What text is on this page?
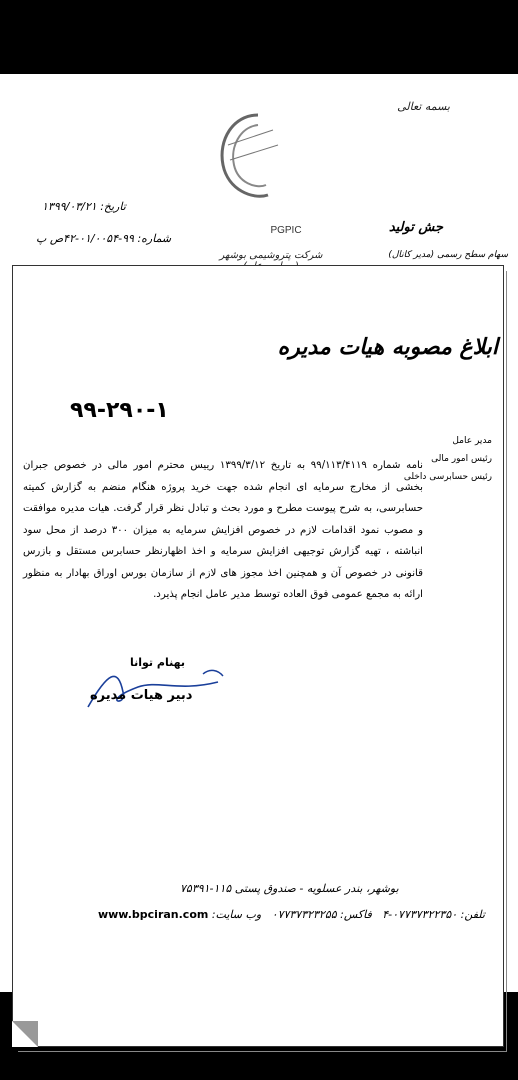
بسمه تعالی
PGPIC
شرکت پتروشیمی بوشهر
تاریخ: ۱۳۹۹/۰۳/۲۱
شماره: ۹۹-۰۱/۰۰۵۴-۴۲ص پ
جش تولید
سهام سطح رسمی (مدیر کانال)
ابلاغ مصوبه هیات مدیره
۹۹-۲۹۰-۱
مدیر عامل
رئیس امور مالی
رئیس حسابرسی داخلی
نامه شماره ۹۹/۱۱۳/۴۱۱۹ به تاریخ ۱۳۹۹/۳/۱۲ رییس محترم امور مالی در خصوص جبران بخشی از مخارج سرمایه ای انجام شده جهت خرید پروژه هنگام منضم به گزارش کمیته حسابرسی، به شرح پیوست مطرح و مورد بحث و تبادل نظر قرار گرفت. هیات مدیره موافقت و مصوب نمود اقدامات لازم در خصوص افزایش سرمایه به میزان ۳۰۰ درصد از محل سود انباشته ، تهیه گزارش توجیهی افزایش سرمایه و اخذ اظهارنظر حسابرس مستقل و بازرس قانونی در خصوص آن و همچنین اخذ مجوز های لازم از سازمان بورس اوراق بهادار به منظور ارائه به مجمع عمومی فوق العاده توسط مدیر عامل انجام پذیرد.
بهنام توانا
دبیر هیات مدیره
بوشهر، بندر عسلویه - صندوق پستی ۱۱۵-۷۵۳۹۱
تلفن: ۰۷۷۳۷۳۲۲۳۵۰-۴   فاکس: ۰۷۷۳۷۳۲۳۲۵۵   وب سایت: www.bpciran.com
